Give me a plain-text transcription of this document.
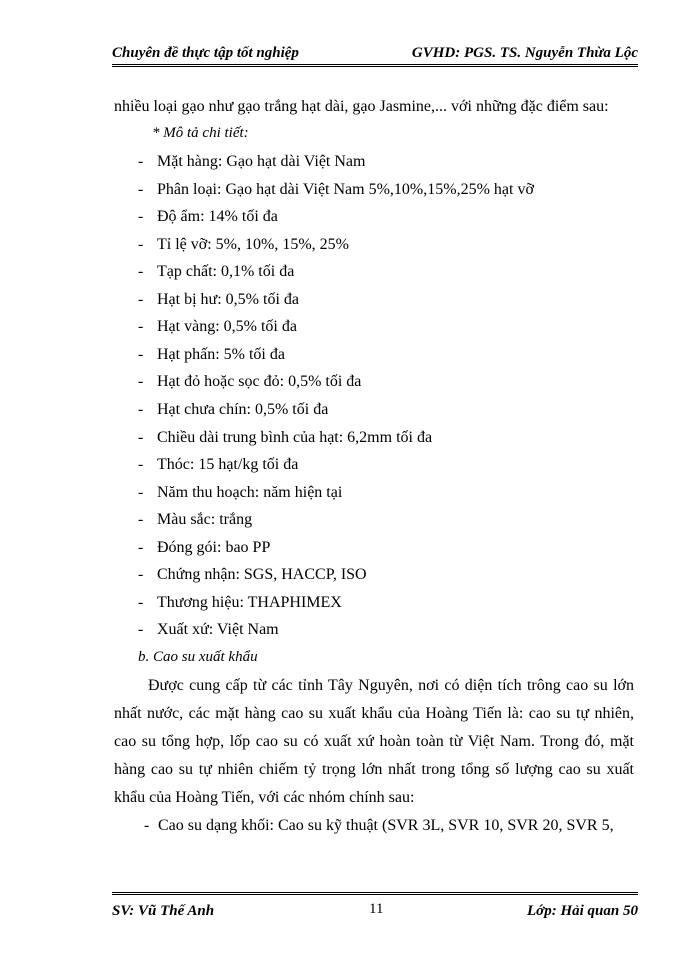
Chuyên đề thực tập tốt nghiệp	GVHD: PGS. TS. Nguyễn Thừa Lộc
nhiều loại gạo như gạo trắng hạt dài, gạo Jasmine,... với những đặc điểm sau:
* Mô tả chi tiết:
- Mặt hàng: Gạo hạt dài Việt Nam
- Phân loại: Gạo hạt dài Việt Nam 5%,10%,15%,25% hạt vỡ
- Độ ẩm: 14% tối đa
- Tỉ lệ vỡ: 5%, 10%, 15%, 25%
- Tạp chất: 0,1% tối đa
- Hạt bị hư: 0,5% tối đa
- Hạt vàng: 0,5% tối đa
- Hạt phấn: 5% tối đa
- Hạt đỏ hoặc sọc đỏ: 0,5% tối đa
- Hạt chưa chín: 0,5% tối đa
- Chiều dài trung bình của hạt: 6,2mm tối đa
- Thóc: 15 hạt/kg tối đa
- Năm thu hoạch: năm hiện tại
- Màu sắc: trắng
- Đóng gói: bao PP
- Chứng nhận: SGS, HACCP, ISO
- Thương hiệu: THAPHIMEX
- Xuất xứ: Việt Nam
b. Cao su xuất khẩu
Được cung cấp từ các tỉnh Tây Nguyên, nơi có diện tích trông cao su lớn
nhất nước, các mặt hàng cao su xuất khẩu của Hoàng Tiến là: cao su tự nhiên,
cao su tổng hợp, lốp cao su có xuất xứ hoàn toàn từ Việt Nam. Trong đó, mặt
hàng cao su tự nhiên chiếm tỷ trọng lớn nhất trong tổng số lượng cao su xuất
khẩu của Hoàng Tiến, với các nhóm chính sau:
- Cao su dạng khối: Cao su kỹ thuật (SVR 3L, SVR 10, SVR 20, SVR 5,
SV: Vũ Thế Anh	11	Lớp: Hải quan 50
